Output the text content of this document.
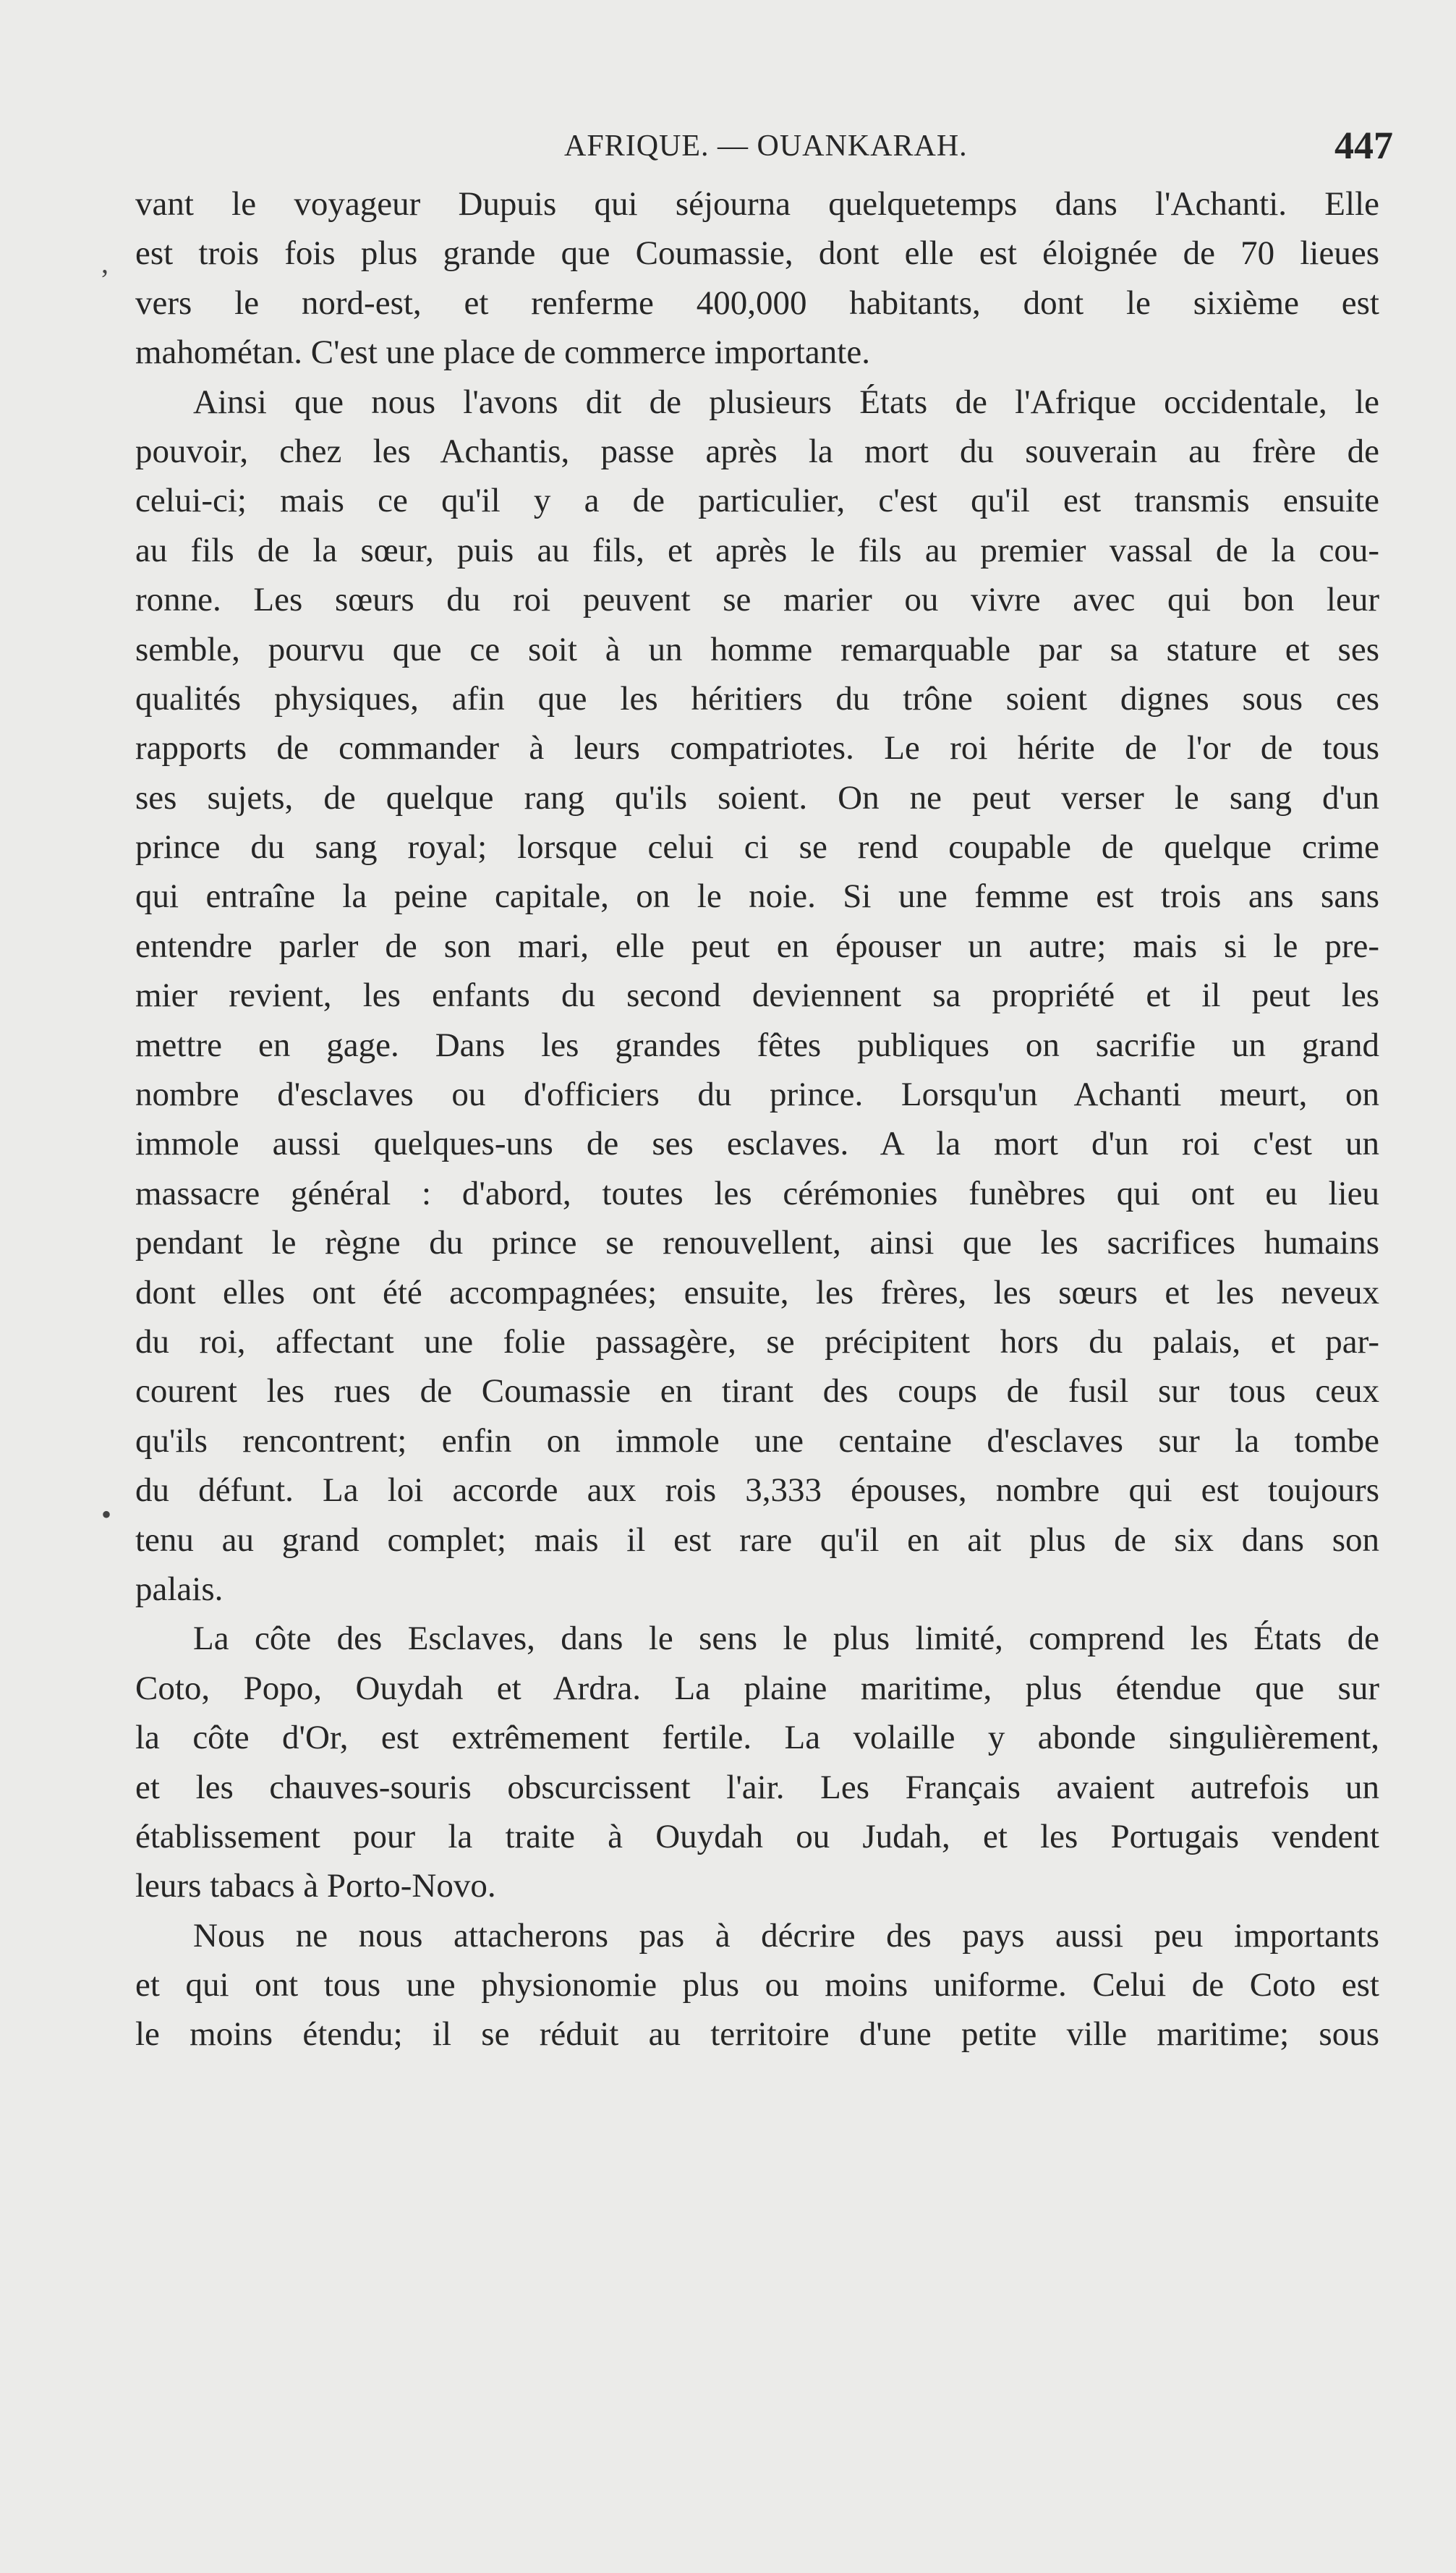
AFRIQUE. — OUANKARAH.	447
,
•
vant le voyageur Dupuis qui séjourna quelquetemps dans l'Achanti. Elle
est trois fois plus grande que Coumassie, dont elle est éloignée de 70 lieues
vers le nord-est, et renferme 400,000 habitants, dont le sixième est
mahométan. C'est une place de commerce importante.
Ainsi que nous l'avons dit de plusieurs États de l'Afrique occidentale, le
pouvoir, chez les Achantis, passe après la mort du souverain au frère de
celui-ci; mais ce qu'il y a de particulier, c'est qu'il est transmis ensuite
au fils de la sœur, puis au fils, et après le fils au premier vassal de la cou-
ronne. Les sœurs du roi peuvent se marier ou vivre avec qui bon leur
semble, pourvu que ce soit à un homme remarquable par sa stature et ses
qualités physiques, afin que les héritiers du trône soient dignes sous ces
rapports de commander à leurs compatriotes. Le roi hérite de l'or de tous
ses sujets, de quelque rang qu'ils soient. On ne peut verser le sang d'un
prince du sang royal; lorsque celui ci se rend coupable de quelque crime
qui entraîne la peine capitale, on le noie. Si une femme est trois ans sans
entendre parler de son mari, elle peut en épouser un autre; mais si le pre-
mier revient, les enfants du second deviennent sa propriété et il peut les
mettre en gage. Dans les grandes fêtes publiques on sacrifie un grand
nombre d'esclaves ou d'officiers du prince. Lorsqu'un Achanti meurt, on
immole aussi quelques-uns de ses esclaves. A la mort d'un roi c'est un
massacre général : d'abord, toutes les cérémonies funèbres qui ont eu lieu
pendant le règne du prince se renouvellent, ainsi que les sacrifices humains
dont elles ont été accompagnées; ensuite, les frères, les sœurs et les neveux
du roi, affectant une folie passagère, se précipitent hors du palais, et par-
courent les rues de Coumassie en tirant des coups de fusil sur tous ceux
qu'ils rencontrent; enfin on immole une centaine d'esclaves sur la tombe
du défunt. La loi accorde aux rois 3,333 épouses, nombre qui est toujours
tenu au grand complet; mais il est rare qu'il en ait plus de six dans son
palais.
La côte des Esclaves, dans le sens le plus limité, comprend les États de
Coto, Popo, Ouydah et Ardra. La plaine maritime, plus étendue que sur
la côte d'Or, est extrêmement fertile. La volaille y abonde singulièrement,
et les chauves-souris obscurcissent l'air. Les Français avaient autrefois un
établissement pour la traite à Ouydah ou Judah, et les Portugais vendent
leurs tabacs à Porto-Novo.
Nous ne nous attacherons pas à décrire des pays aussi peu importants
et qui ont tous une physionomie plus ou moins uniforme. Celui de Coto est
le moins étendu; il se réduit au territoire d'une petite ville maritime; sous
